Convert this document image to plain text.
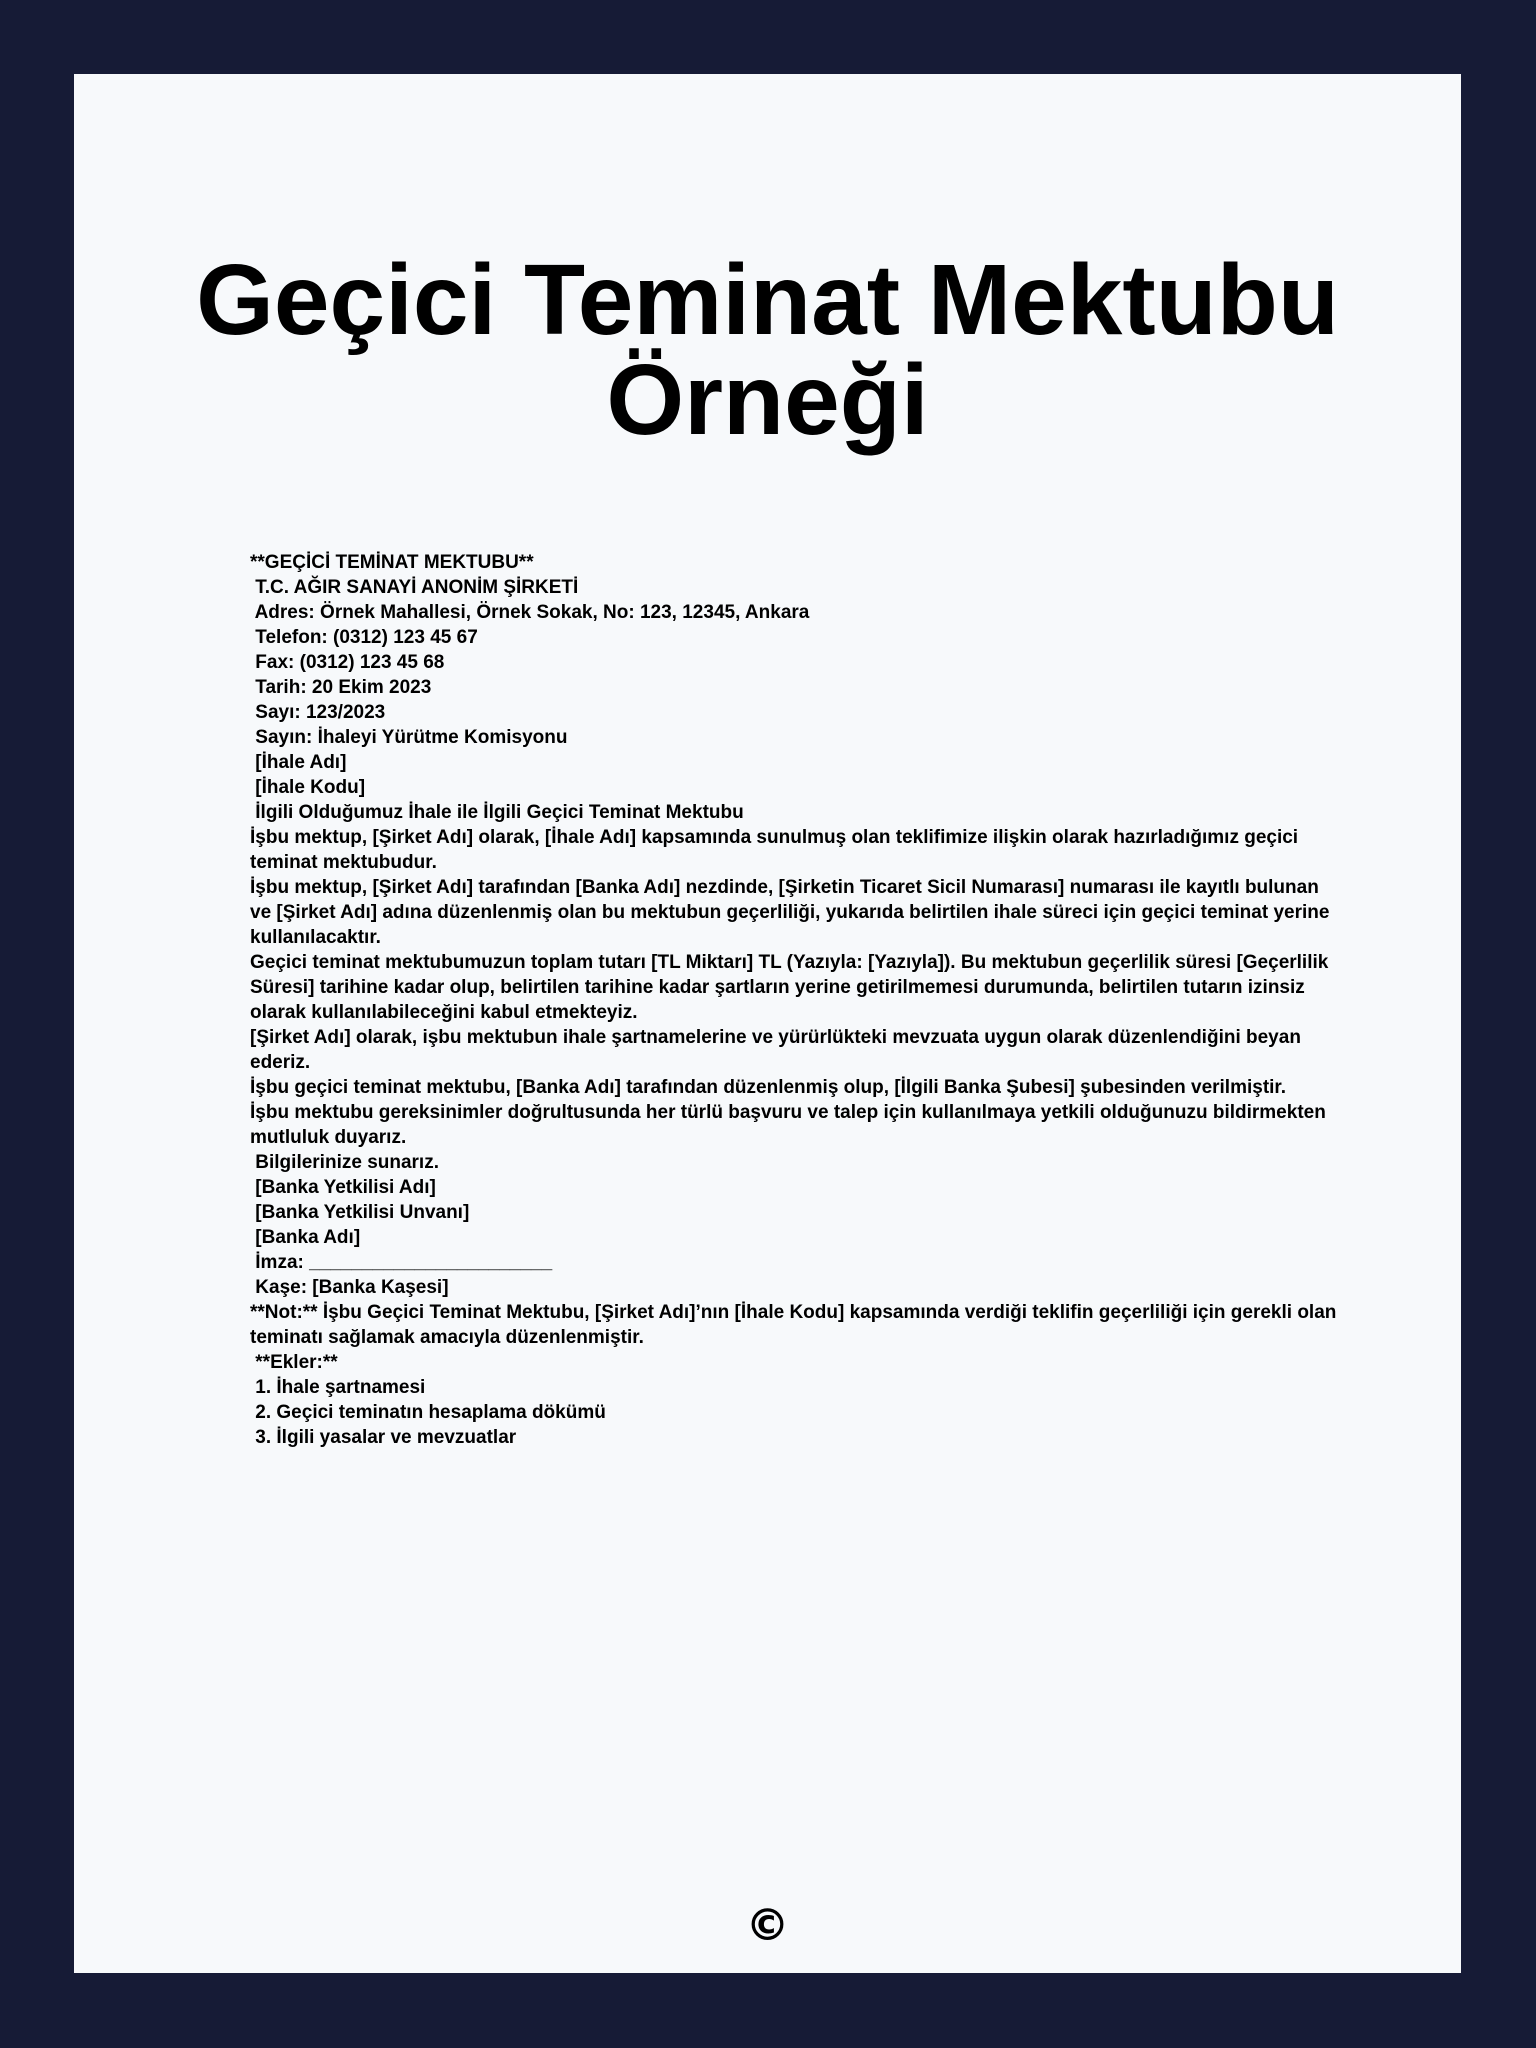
Geçici Teminat Mektubu Örneği
**GEÇİCİ TEMİNAT MEKTUBU**
T.C. AĞIR SANAYİ ANONİM ŞİRKETİ
Adres: Örnek Mahallesi, Örnek Sokak, No: 123, 12345, Ankara
Telefon: (0312) 123 45 67
Fax: (0312) 123 45 68
Tarih: 20 Ekim 2023
Sayı: 123/2023
Sayın: İhaleyi Yürütme Komisyonu
[İhale Adı]
[İhale Kodu]
İlgili Olduğumuz İhale ile İlgili Geçici Teminat Mektubu
İşbu mektup, [Şirket Adı] olarak, [İhale Adı] kapsamında sunulmuş olan teklifimize ilişkin olarak hazırladığımız geçici teminat mektubudur.
İşbu mektup, [Şirket Adı] tarafından [Banka Adı] nezdinde, [Şirketin Ticaret Sicil Numarası] numarası ile kayıtlı bulunan ve [Şirket Adı] adına düzenlenmiş olan bu mektubun geçerliliği, yukarıda belirtilen ihale süreci için geçici teminat yerine kullanılacaktır.
Geçici teminat mektubumuzun toplam tutarı [TL Miktarı] TL (Yazıyla: [Yazıyla]). Bu mektubun geçerlilik süresi [Geçerlilik Süresi] tarihine kadar olup, belirtilen tarihine kadar şartların yerine getirilmemesi durumunda, belirtilen tutarın izinsiz olarak kullanılabileceğini kabul etmekteyiz.
[Şirket Adı] olarak, işbu mektubun ihale şartnamelerine ve yürürlükteki mevzuata uygun olarak düzenlendiğini beyan ederiz.
İşbu geçici teminat mektubu, [Banka Adı] tarafından düzenlenmiş olup, [İlgili Banka Şubesi] şubesinden verilmiştir.
İşbu mektubu gereksinimler doğrultusunda her türlü başvuru ve talep için kullanılmaya yetkili olduğunuzu bildirmekten mutluluk duyarız.
Bilgilerinize sunarız.
[Banka Yetkilisi Adı]
[Banka Yetkilisi Unvanı]
[Banka Adı]
İmza: _______________________
Kaşe: [Banka Kaşesi]
**Not:** İşbu Geçici Teminat Mektubu, [Şirket Adı]’nın [İhale Kodu] kapsamında verdiği teklifin geçerliliği için gerekli olan teminatı sağlamak amacıyla düzenlenmiştir.
**Ekler:**
1. İhale şartnamesi
2. Geçici teminatın hesaplama dökümü
3. İlgili yasalar ve mevzuatlar
©
